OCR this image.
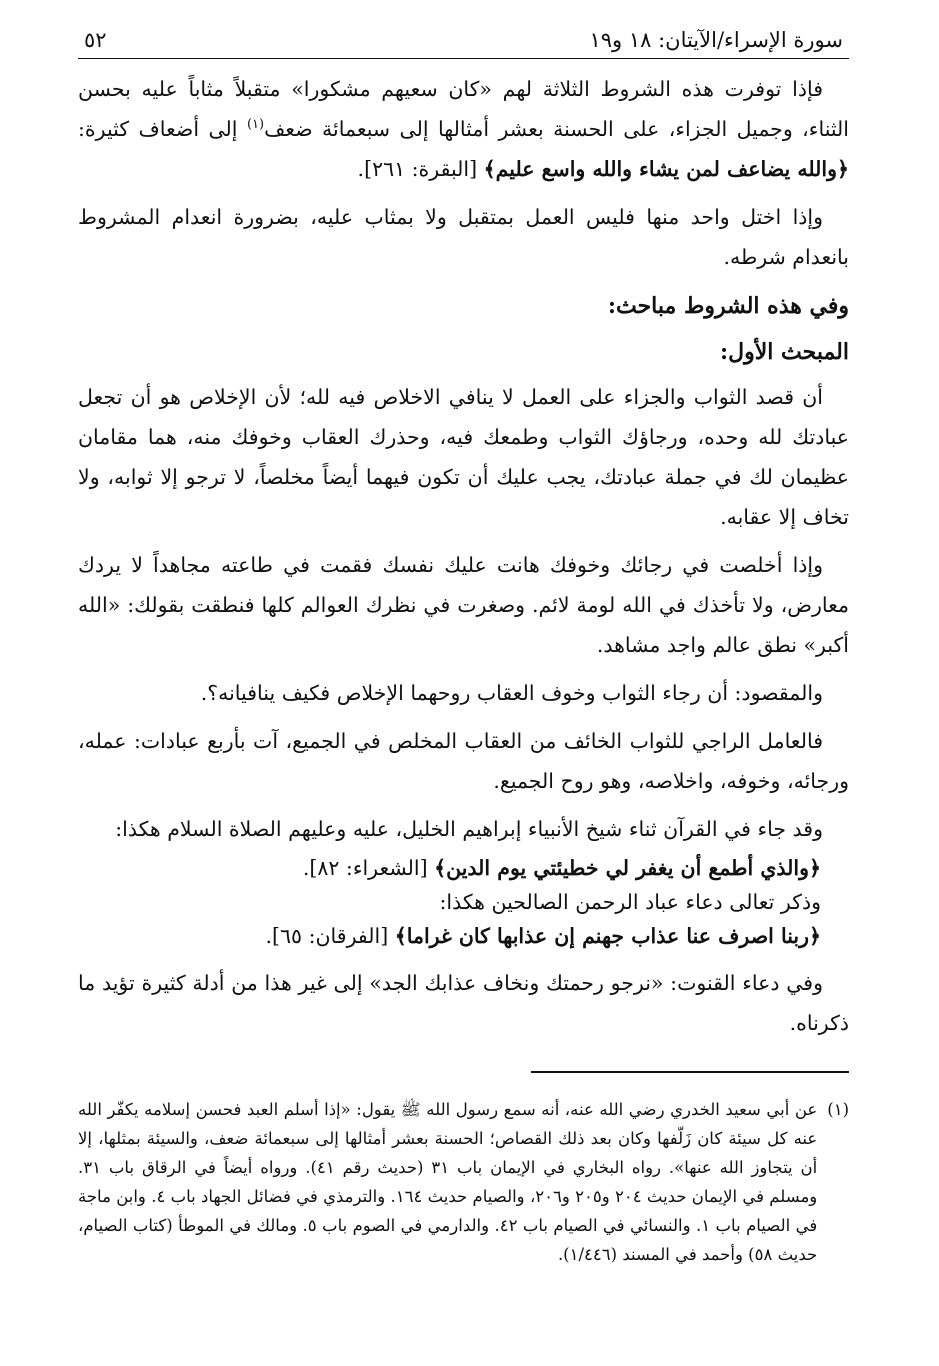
سورة الإسراء/الآيتان: ١٨ و١٩
٥٢

فإذا توفرت هذه الشروط الثلاثة لهم «كان سعيهم مشكورا» متقبلاً مثاباً عليه بحسن الثناء، وجميل الجزاء، على الحسنة بعشر أمثالها إلى سبعمائة ضعف$^{(١)}$ إلى أضعاف كثيرة: ﴿والله يضاعف لمن يشاء والله واسع عليم﴾ [البقرة: ٢٦١].

وإذا اختل واحد منها فليس العمل بمتقبل ولا بمثاب عليه، بضرورة انعدام المشروط بانعدام شرطه.

وفي هذه الشروط مباحث:

المبحث الأول:

أن قصد الثواب والجزاء على العمل لا ينافي الاخلاص فيه لله؛ لأن الإخلاص هو أن تجعل عبادتك لله وحده، ورجاؤك الثواب وطمعك فيه، وحذرك العقاب وخوفك منه، هما مقامان عظيمان لك في جملة عبادتك، يجب عليك أن تكون فيهما أيضاً مخلصاً، لا ترجو إلا ثوابه، ولا تخاف إلا عقابه.

وإذا أخلصت في رجائك وخوفك هانت عليك نفسك فقمت في طاعته مجاهداً لا يردك معارض، ولا تأخذك في الله لومة لائم. وصغرت في نظرك العوالم كلها فنطقت بقولك: «الله أكبر» نطق عالم واجد مشاهد.

والمقصود: أن رجاء الثواب وخوف العقاب روحهما الإخلاص فكيف ينافيانه؟.

فالعامل الراجي للثواب الخائف من العقاب المخلص في الجميع، آت بأربع عبادات: عمله، ورجائه، وخوفه، واخلاصه، وهو روح الجميع.

وقد جاء في القرآن ثناء شيخ الأنبياء إبراهيم الخليل، عليه وعليهم الصلاة السلام هكذا:

﴿والذي أطمع أن يغفر لي خطيئتي يوم الدين﴾ [الشعراء: ٨٢].
وذكر تعالى دعاء عباد الرحمن الصالحين هكذا:
﴿ربنا اصرف عنا عذاب جهنم إن عذابها كان غراما﴾ [الفرقان: ٦٥].

وفي دعاء القنوت: «نرجو رحمتك ونخاف عذابك الجد» إلى غير هذا من أدلة كثيرة تؤيد ما ذكرناه.

(١)
عن أبي سعيد الخدري رضي الله عنه، أنه سمع رسول الله ﷺ يقول: «إذا أسلم العبد فحسن إسلامه يكفّر الله عنه كل سيئة كان زَلّفها وكان بعد ذلك القصاص؛ الحسنة بعشر أمثالها إلى سبعمائة ضعف، والسيئة بمثلها، إلا أن يتجاوز الله عنها». رواه البخاري في الإيمان باب ٣١ (حديث رقم ٤١). ورواه أيضاً في الرقاق باب ٣١. ومسلم في الإيمان حديث ٢٠٤ و٢٠٥ و٢٠٦، والصيام حديث ١٦٤. والترمذي في فضائل الجهاد باب ٤. وابن ماجة في الصيام باب ١. والنسائي في الصيام باب ٤٢. والدارمي في الصوم باب ٥. ومالك في الموطأ (كتاب الصيام، حديث ٥٨) وأحمد في المسند (١/٤٤٦).
